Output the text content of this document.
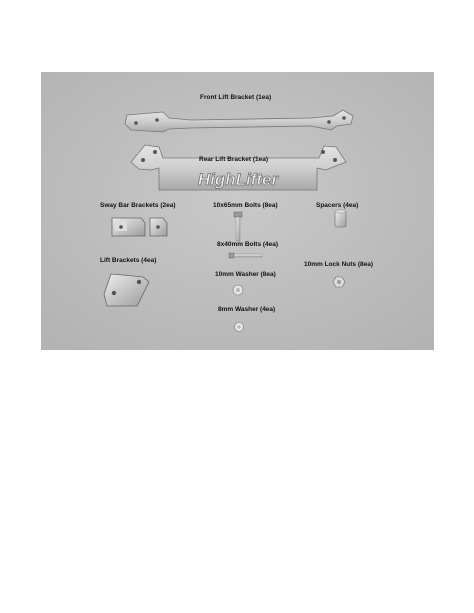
HighLifter
Front Lift Bracket (1ea)
Rear Lift Bracket (1ea)
Sway Bar Brackets (2ea)	10x65mm Bolts (8ea)	Spacers (4ea)
8x40mm Bolts (4ea)
Lift Brackets (4ea)
10mm Washer (8ea)
10mm Lock Nuts (8ea)
8mm Washer (4ea)
